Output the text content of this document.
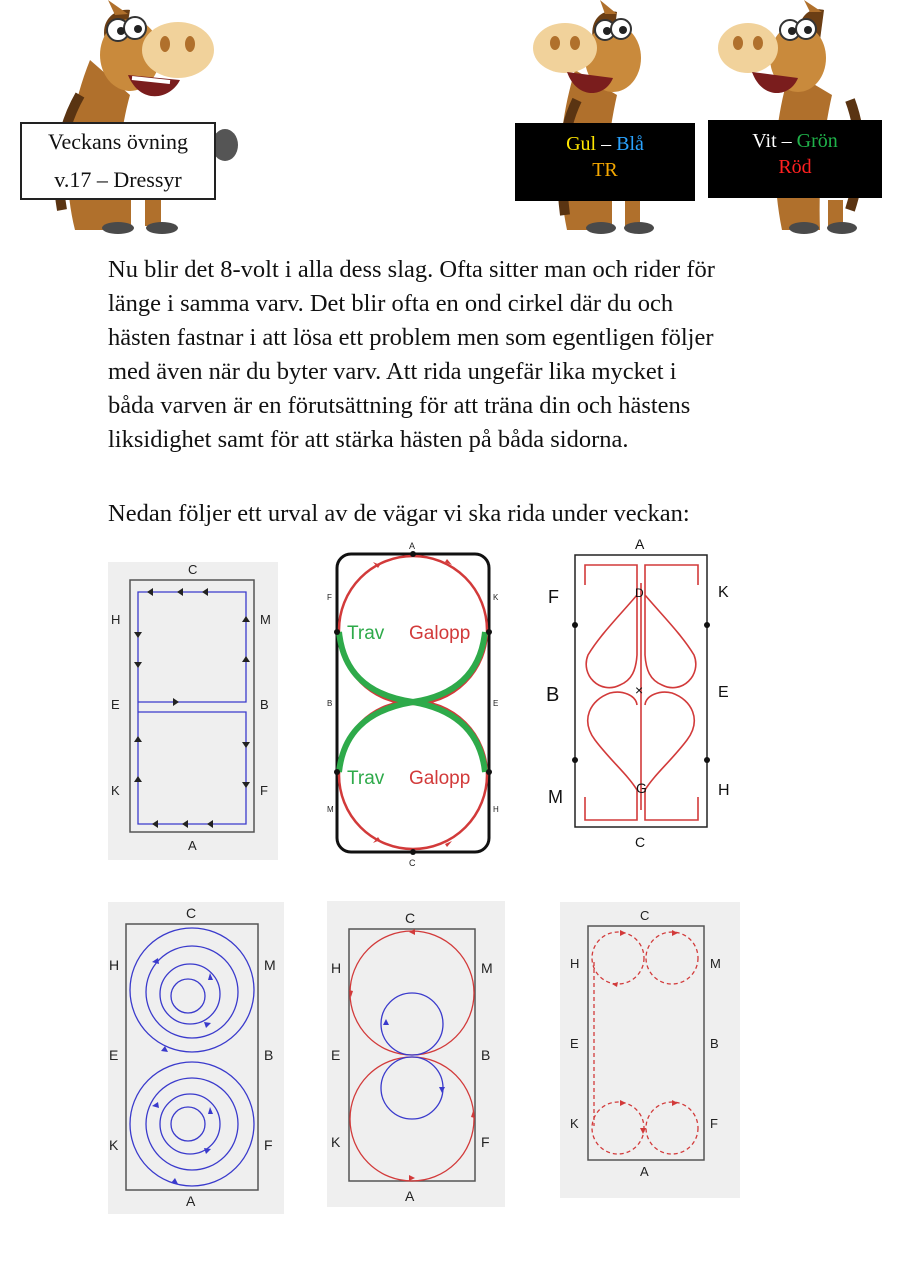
Veckans övning
v.17 – Dressyr
Gul – Blå
TR
Vit – Grön
Röd
Nu blir det 8-volt i alla dess slag. Ofta sitter man och rider för
länge i samma varv. Det blir ofta en ond cirkel där du och
hästen fastnar i att lösa ett problem men som egentligen följer
med även när du byter varv. Att rida ungefär lika mycket i
båda varven är en förutsättning för att träna din och hästens
liksidighet samt för att stärka hästen på båda sidorna.
Nedan följer ett urval av de vägar vi ska rida under veckan:
C
A
H
E
K
M
B
F
Trav Galopp
Trav Galopp
A
C
F
B
M
K
E
H
A
C
F	K
B	E
M	H
D
×
G
C
A
H
E
K
M
B
F
C
A
H
E
K
M
B
F
C
A
H
E
K
M
B
F
